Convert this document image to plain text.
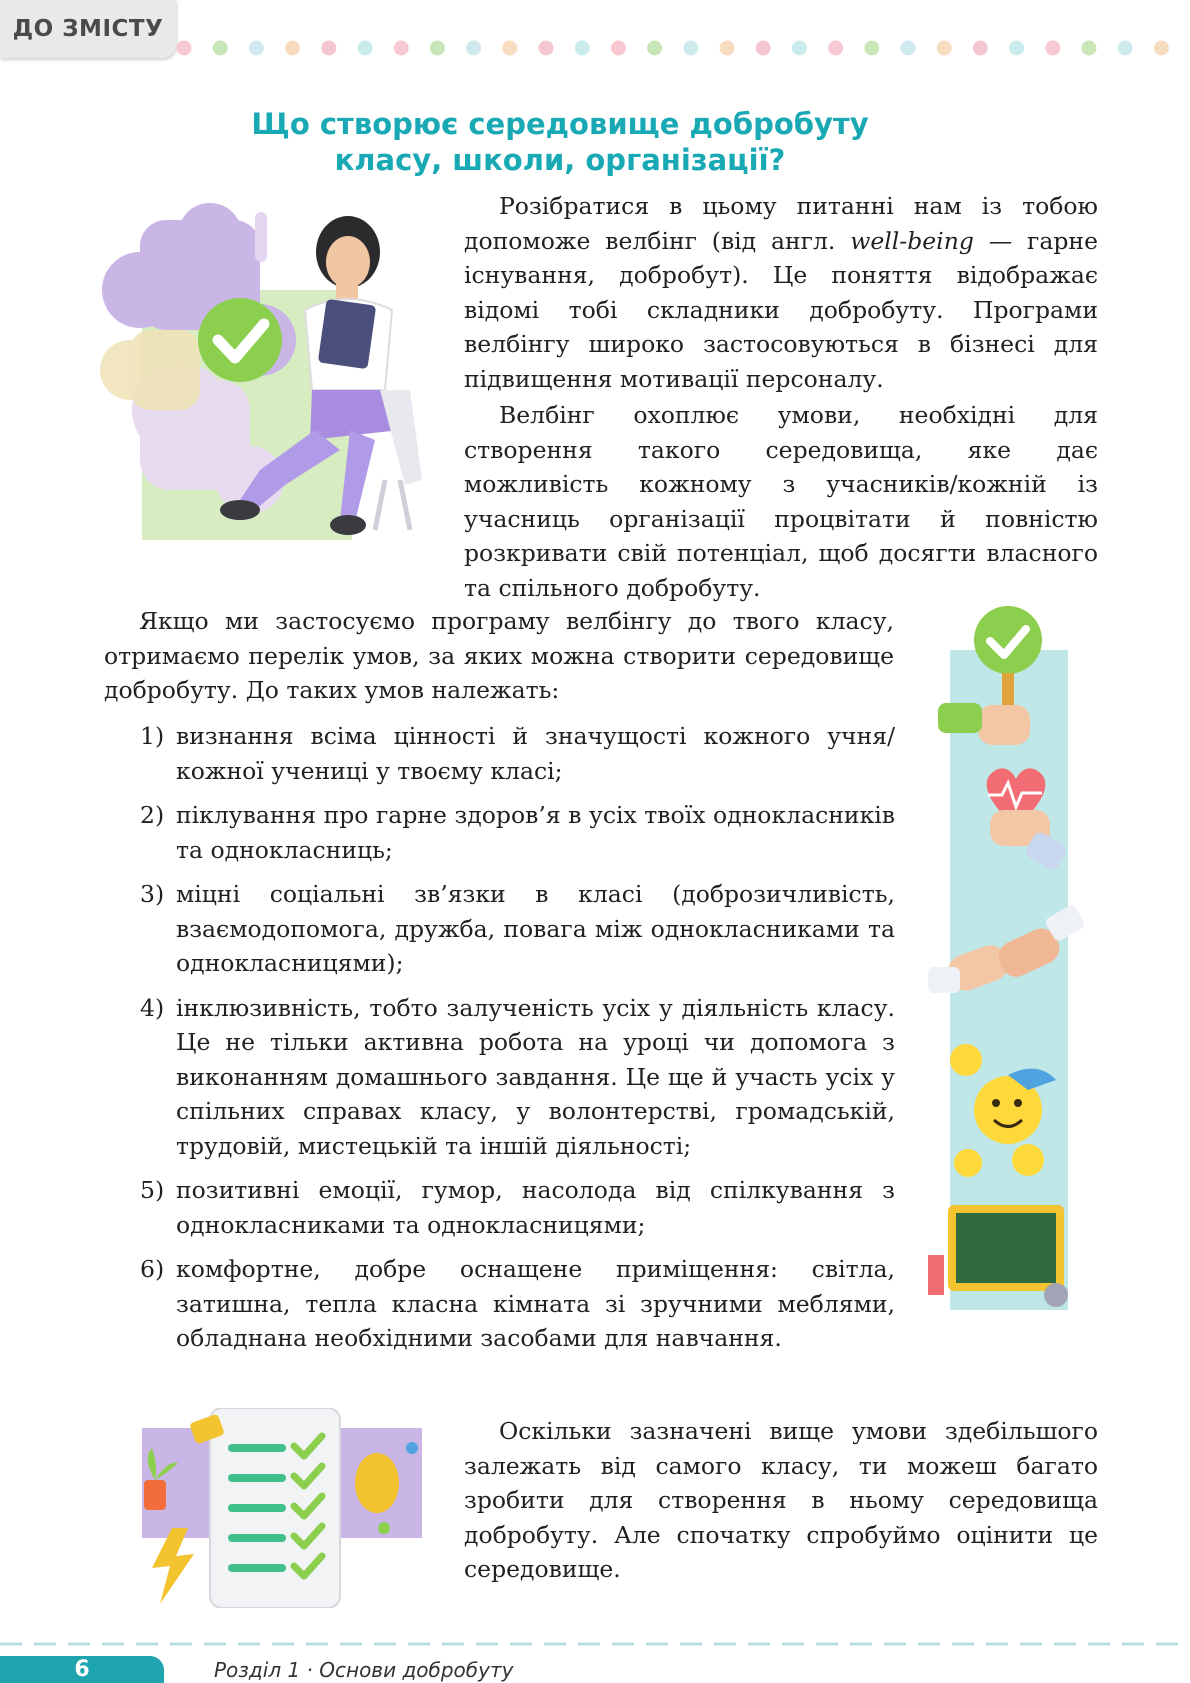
ДО ЗМІСТУ
Що створює середовище добробуту класу, школи, організації?

Розібратися в цьому питанні нам із тобою допоможе велбінг (від англ. well-being — гарне існування, добробут). Це поняття відображає відомі тобі складники добробуту. Програми велбінгу широко застосовуються в бізнесі для підвищення мотивації персоналу.

Велбінг охоплює умови, необхідні для створення такого середовища, яке дає можливість кожному з учасників/кожній із учасниць організації процвітати й повністю розкривати свій потенціал, щоб досягти власного та спільного добробуту.

Якщо ми застосуємо програму велбінгу до твого класу, отримаємо перелік умов, за яких можна створити середовище добробуту. До таких умов належать:

1) визнання всіма цінності й значущості кожного учня/кожної учениці у твоєму класі;
2) піклування про гарне здоров’я в усіх твоїх однокласників та однокласниць;
3) міцні соціальні зв’язки в класі (доброзичливість, взаємодопомога, дружба, повага між однокласниками та однокласницями);
4) інклюзивність, тобто залученість усіх у діяльність класу. Це не тільки активна робота на уроці чи допомога з виконанням домашнього завдання. Це ще й участь усіх у спільних справах класу, у волонтерстві, громадській, трудовій, мистецькій та іншій діяльності;
5) позитивні емоції, гумор, насолода від спілкування з однокласниками та однокласницями;
6) комфортне, добре оснащене приміщення: світла, затишна, тепла класна кімната зі зручними меблями, обладнана необхідними засобами для навчання.

Оскільки зазначені вище умови здебільшого залежать від самого класу, ти можеш багато зробити для створення в ньому середовища добробуту. Але спочатку спробуймо оцінити це середовище.

6	Розділ 1 · Основи добробуту
